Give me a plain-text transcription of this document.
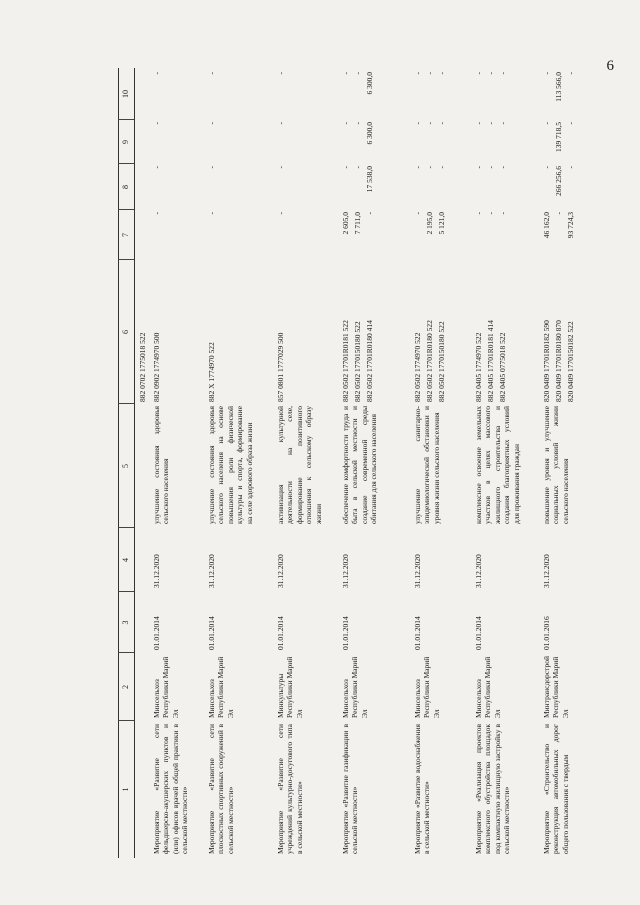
6
1
2
3
4
5
6
7
8
9
10
882 0702 1775018 522
Мероприятие «Развитие сети фельдшерско-акушерских пунктов и (или) офисов врачей общей практики в сельской местности»
Минсельхоз Республики Марий Эл
01.01.2014
31.12.2020
улучшение состояния здоровья сельского населения
882 0902 1774970 500
-
-
-
-
Мероприятие «Развитие сети плоскостных спортивных сооружений в сельской местности»
Минсельхоз Республики Марий Эл
01.01.2014
31.12.2020
улучшение состояния здоровья сельского населения на основе повышения роли физической культуры и спорта, формирование на селе здорового образа жизни
882 X 1774970 522
-
-
-
-
Мероприятие «Развитие сети учреждений культурно-досугового типа в сельской местности»
Минкультуры Республики Марий Эл
01.01.2014
31.12.2020
активизация культурной деятельности на селе, формирование позитивного отношения к сельскому образу жизни
857 0801 1777029 500
-
-
-
-
Мероприятие «Развитие газификации в сельской местности»
Минсельхоз Республики Марий Эл
01.01.2014
31.12.2020
обеспечение комфортности труда и быта в сельской местности и создание современной среды обитания для сельского населения
882 0502 17701R0181 522 882 0502 1770150180 522 882 0502 17701R0180 414
2 605,0 7 711,0 -
- - 17 538,0
- - 6 300,0
- - 6 300,0
Мероприятие «Развитие водоснабжения в сельской местности»
Минсельхоз Республики Марий Эл
01.01.2014
31.12.2020
улучшение санитарно-эпидемиологической обстановки и уровня жизни сельского населения
882 0502 1774970 522 882 0502 17701R0180 522 882 0502 1770150180 522
- 2 195,0 5 121,0
- - -
- - -
- - -
Мероприятие «Реализация проектов комплексного обустройства площадок под компактную жилищную застройку в сельской местности»
Минсельхоз Республики Марий Эл
01.01.2014
31.12.2020
комплексное освоение земельных участков в целях массового жилищного строительства и создания благоприятных условий для проживания граждан
882 0405 1774970 522 882 0405 17701R0181 414 882 0405 0775018 522
- - -
- - -
- - -
- - -
Мероприятие «Строительство и реконструкция автомобильных дорог общего пользования с твердым
Минтрансдорстрой Республики Марий Эл
01.01.2016
31.12.2020
повышение уровня и улучшение социальных условий жизни сельского населения
820 0409 17701R0182 590 820 0409 17701R0180 870 820 0409 1770150182 522
46 162,0 - 93 724,3
- 266 256,6 -
- 139 718,5 -
- 113 566,0 -
